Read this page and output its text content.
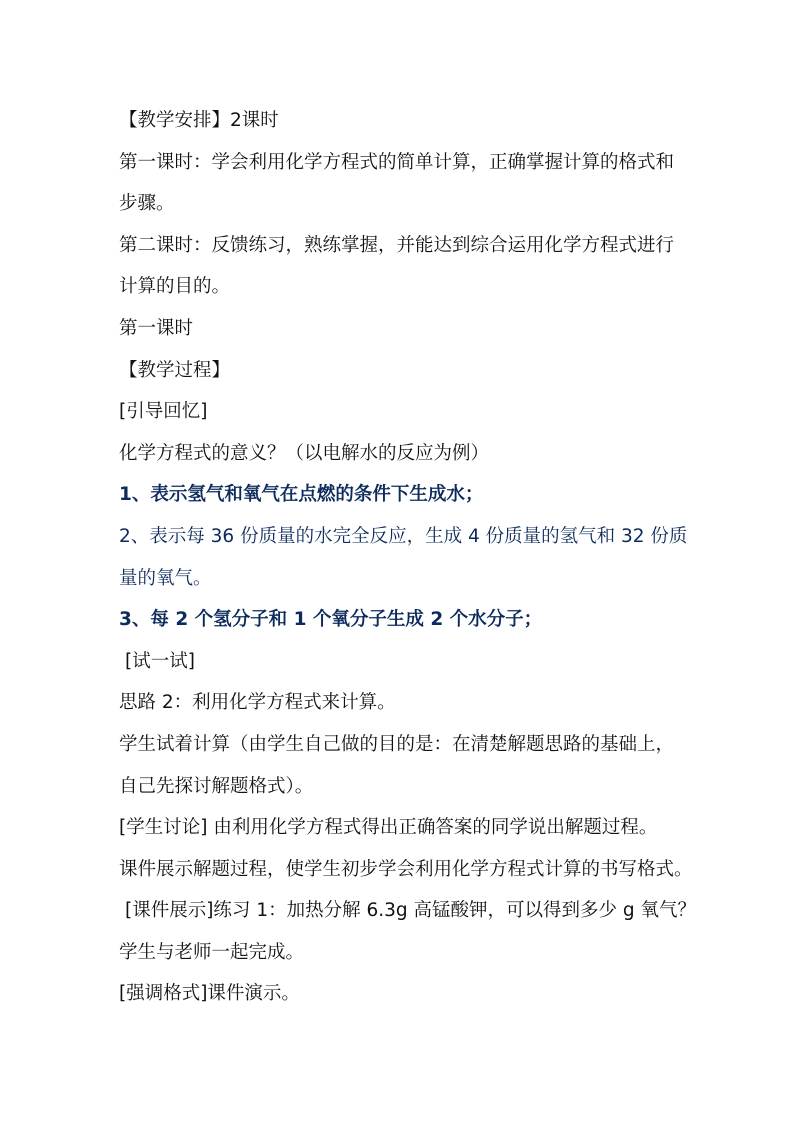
【教学安排】2课时
第一课时：学会利用化学方程式的简单计算，正确掌握计算的格式和
步骤。
第二课时：反馈练习，熟练掌握，并能达到综合运用化学方程式进行
计算的目的。
第一课时
【教学过程】
[引导回忆]
化学方程式的意义？（以电解水的反应为例）
1、表示氢气和氧气在点燃的条件下生成水；
2、表示每 36 份质量的水完全反应，生成 4 份质量的氢气和 32 份质
量的氧气。
3、每 2 个氢分子和 1 个氧分子生成 2 个水分子；
[试一试]
思路 2：利用化学方程式来计算。
学生试着计算（由学生自己做的目的是：在清楚解题思路的基础上，
自己先探讨解题格式）。
[学生讨论] 由利用化学方程式得出正确答案的同学说出解题过程。
课件展示解题过程，使学生初步学会利用化学方程式计算的书写格式。
[课件展示]练习 1：加热分解 6.3g 高锰酸钾，可以得到多少 g 氧气？
学生与老师一起完成。
[强调格式]课件演示。
